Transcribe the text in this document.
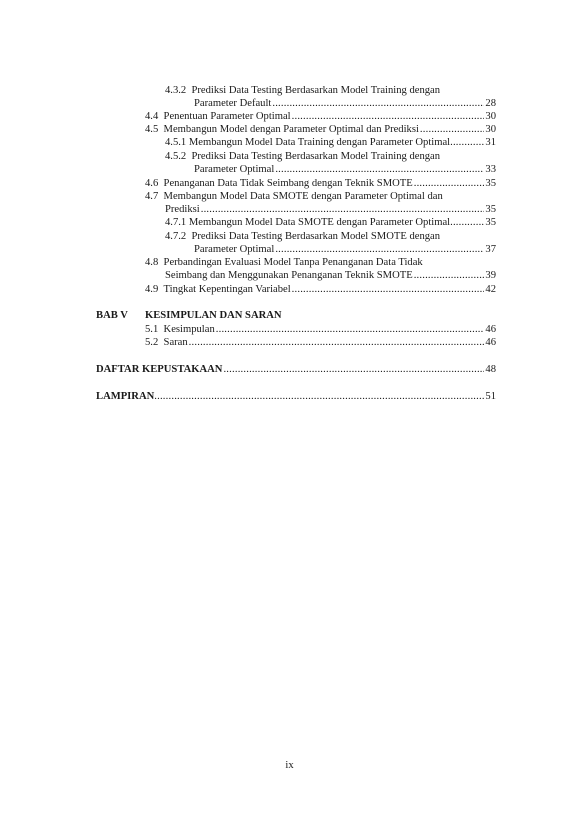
4.3.2 Prediksi Data Testing Berdasarkan Model Training dengan
Parameter Default .....	28
4.4 Penentuan Parameter Optimal .....	30
4.5 Membangun Model dengan Parameter Optimal dan Prediksi .....	30
4.5.1 Membangun Model Data Training dengan Parameter Optimal .....	31
4.5.2 Prediksi Data Testing Berdasarkan Model Training dengan
Parameter Optimal .....	33
4.6 Penanganan Data Tidak Seimbang dengan Teknik SMOTE .....	35
4.7 Membangun Model Data SMOTE dengan Parameter Optimal dan
Prediksi .....	35
4.7.1 Membangun Model Data SMOTE dengan Parameter Optimal .....	35
4.7.2 Prediksi Data Testing Berdasarkan Model SMOTE dengan
Parameter Optimal .....	37
4.8 Perbandingan Evaluasi Model Tanpa Penanganan Data Tidak
Seimbang dan Menggunakan Penanganan Teknik SMOTE .....	39
4.9 Tingkat Kepentingan Variabel .....	42
BAB V KESIMPULAN DAN SARAN
5.1 Kesimpulan .....	46
5.2 Saran .....	46
DAFTAR KEPUSTAKAAN .....	48
LAMPIRAN .....	51
ix
